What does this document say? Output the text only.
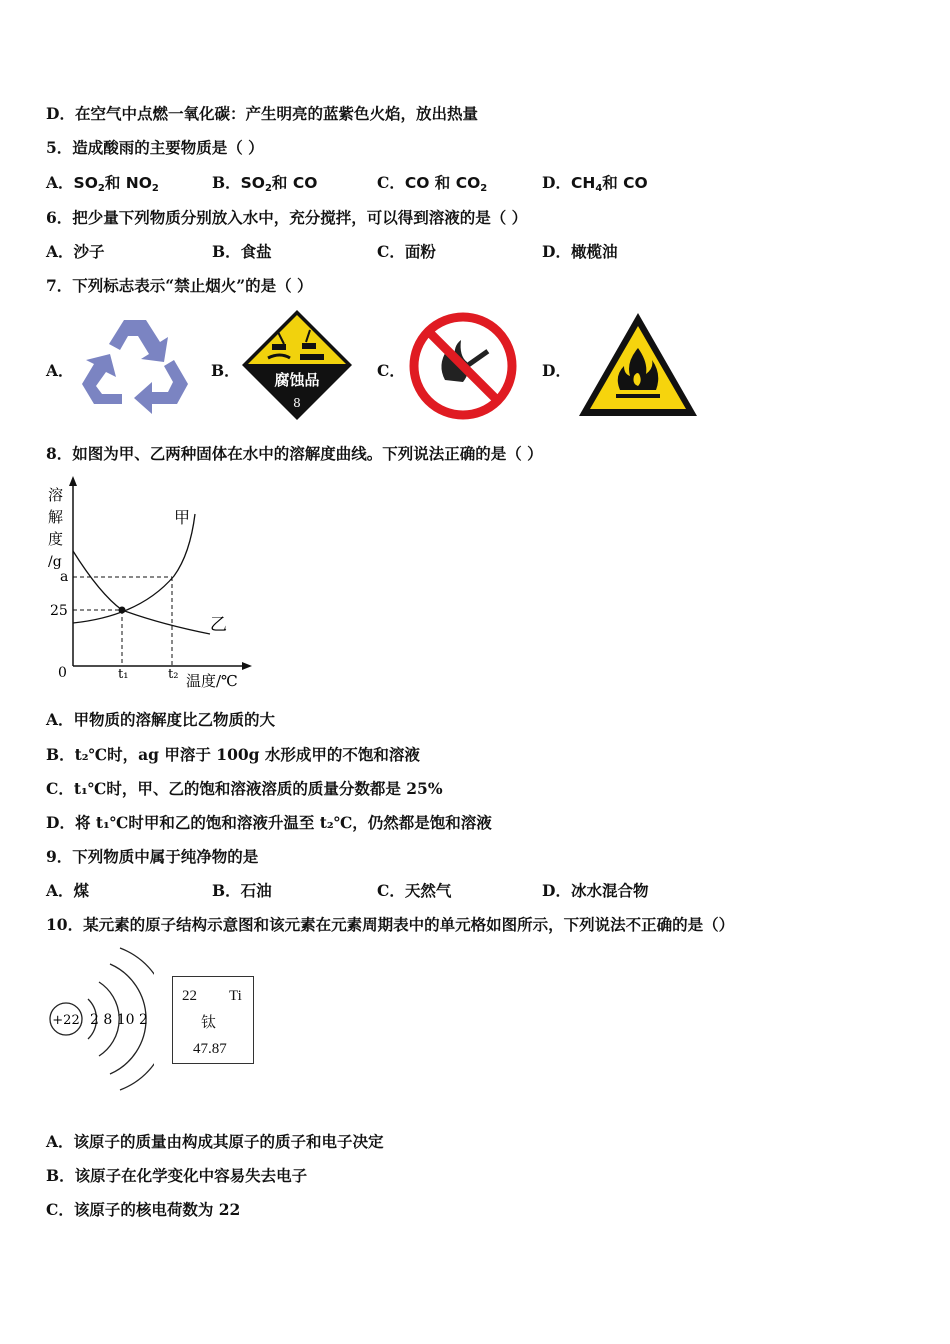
D．在空气中点燃一氧化碳：产生明亮的蓝紫色火焰，放出热量
5．造成酸雨的主要物质是（ ）
A．$SO_2$和 $NO_2$	B．$SO_2$和 CO	C．CO 和 $CO_2$	D．$CH_4$和 CO
6．把少量下列物质分别放入水中，充分搅拌，可以得到溶液的是（ ）
A．沙子	B．食盐	C．面粉	D．橄榄油
7．下列标志表示“禁止烟火”的是（ ）
A．	B． 腐蚀品
8
C．	D．
8．如图为甲、乙两种固体在水中的溶解度曲线。下列说法正确的是（ ）
溶
解
度
/g
a
25
0	t₁	t₂ 温度/℃
甲
乙
A．甲物质的溶解度比乙物质的大
B．t₂℃时，ag 甲溶于 100g 水形成甲的不饱和溶液
C．t₁℃时，甲、乙的饱和溶液溶质的质量分数都是 25%
D．将 t₁℃时甲和乙的饱和溶液升温至 t₂℃，仍然都是饱和溶液
9．下列物质中属于纯净物的是
A．煤	B．石油	C．天然气	D．冰水混合物
10．某元素的原子结构示意图和该元素在元素周期表中的单元格如图所示，下列说法不正确的是（）
+22 2 8 10 2
22 Ti
钛
47.87
A．该原子的质量由构成其原子的质子和电子决定
B．该原子在化学变化中容易失去电子
C．该原子的核电荷数为 22
